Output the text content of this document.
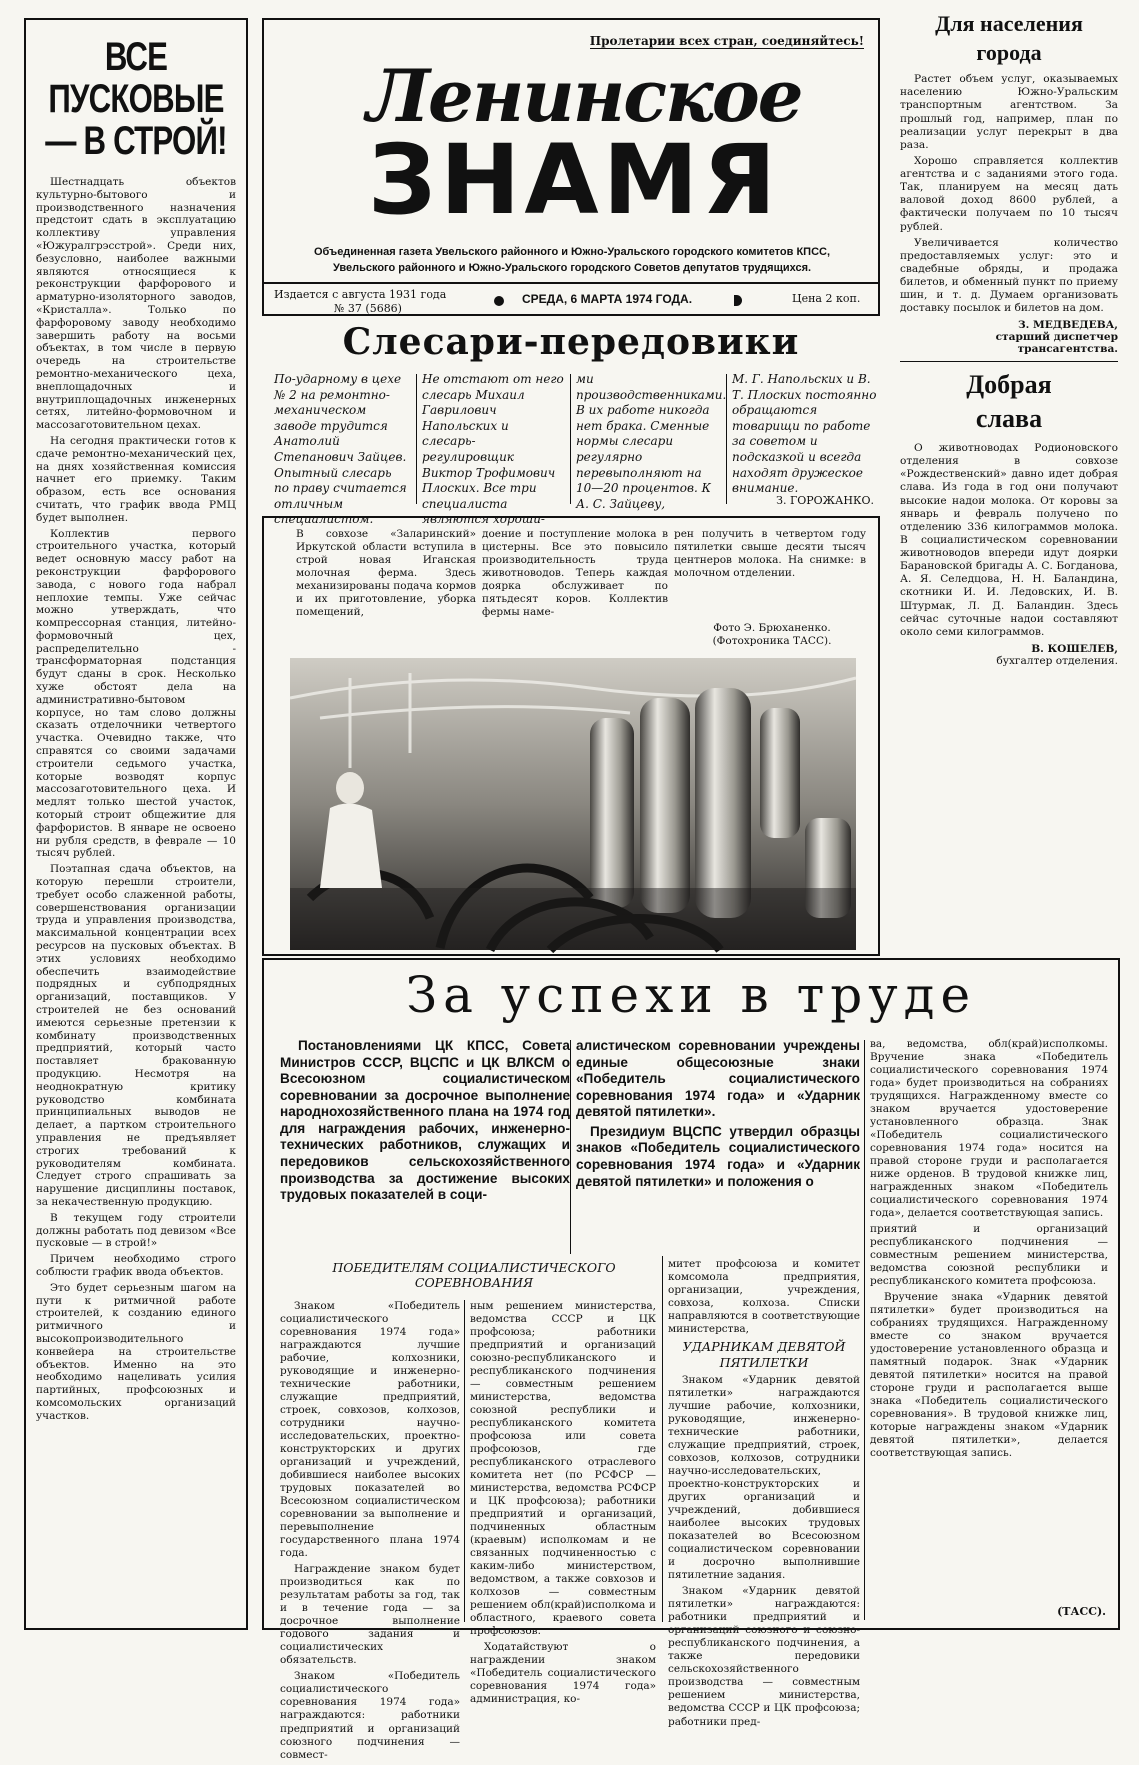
ВСЕ ПУСКОВЫЕ — В СТРОЙ!

Шестнадцать объектов культурно-бытового и производственного назначения предстоит сдать в эксплуатацию коллективу управления «Южуралгрэсстрой». Среди них, безусловно, наиболее важными являются относящиеся к реконструкции фарфорового и арматурно-изоляторного заводов, «Кристалла». Только по фарфоровому заводу необходимо завершить работу на восьми объектах, в том числе в первую очередь на строительстве ремонтно-механического цеха, внеплощадочных и внутриплощадочных инженерных сетях, литейно-формовочном и массозаготовительном цехах.

На сегодня практически готов к сдаче ремонтно-механический цех, на днях хозяйственная комиссия начнет его приемку. Таким образом, есть все основания считать, что график ввода РМЦ будет выполнен.

Коллектив первого строительного участка, который ведет основную массу работ на реконструкции фарфорового завода, с нового года набрал неплохие темпы. Уже сейчас можно утверждать, что компрессорная станция, литейно-формовочный цех, распределительно - трансформаторная подстанция будут сданы в срок. Несколько хуже обстоят дела на административно-бытовом корпусе, но там слово должны сказать отделочники четвертого участка. Очевидно также, что справятся со своими задачами строители седьмого участка, которые возводят корпус массозаготовительного цеха. И медлят только шестой участок, который строит общежитие для фарфористов. В январе не освоено ни рубля средств, в феврале — 10 тысяч рублей.

Поэтапная сдача объектов, на которую перешли строители, требует особо слаженной работы, совершенствования организации труда и управления производства, максимальной концентрации всех ресурсов на пусковых объектах. В этих условиях необходимо обеспечить взаимодействие подрядных и субподрядных организаций, поставщиков. У строителей не без оснований имеются серьезные претензии к комбинату производственных предприятий, который часто поставляет бракованную продукцию. Несмотря на неоднократную критику руководство комбината принципиальных выводов не делает, а партком строительного управления не предъявляет строгих требований к руководителям комбината. Следует строго спрашивать за нарушение дисциплины поставок, за некачественную продукцию.

В текущем году строители должны работать под девизом «Все пусковые — в строй!»

Причем необходимо строго соблюсти график ввода объектов.

Это будет серьезным шагом на пути к ритмичной работе строителей, к созданию единого ритмичного и высокопроизводительного конвейера на строительстве объектов. Именно на это необходимо нацеливать усилия партийных, профсоюзных и комсомольских организаций участков.

Пролетарии всех стран, соединяйтесь!
Ленинское
ЗНАМЯ
Объединенная газета Увельского районного и Южно-Уральского городского комитетов КПСС,
Увельского районного и Южно-Уральского городского Советов депутатов трудящихся.
Издается с августа 1931 года
№ 37 (5686)
СРЕДА, 6 МАРТА 1974 ГОДА.	Цена 2 коп.
Слесари-передовики
По-ударному в цехе № 2 на ремонтно-механическом заводе трудится Анатолий Степанович Зайцев. Опытный слесарь по праву считается отличным специалистом.
Не отстают от него слесарь Михаил Гаврилович Напольских и слесарь-регулировщик Виктор Трофимович Плоских. Все три специалиста являются хороши-
ми производственниками. В их работе никогда нет брака. Сменные нормы слесари регулярно перевыполняют на 10—20 процентов. К А. С. Зайцеву,
М. Г. Напольских и В. Т. Плоских постоянно обращаются товарищи по работе за советом и подсказкой и всегда находят дружеское внимание.
З. ГОРОЖАНКО.
В совхозе «Заларинский» Иркутской области вступила в строй новая Иганская молочная ферма. Здесь механизированы подача кормов и их приготовление, уборка помещений,
доение и поступление молока в цистерны. Все это повысило производительность труда животноводов. Теперь каждая доярка обслуживает по пятьдесят коров. Коллектив фермы наме-
рен получить в четвертом году пятилетки свыше десяти тысяч центнеров молока. На снимке: в молочном отделении.
Фото Э. Брюханенко.
(Фотохроника ТАСС).
Для населения города

Растет объем услуг, оказываемых населению Южно-Уральским транспортным агентством. За прошлый год, например, план по реализации услуг перекрыт в два раза.

Хорошо справляется коллектив агентства и с заданиями этого года. Так, планируем на месяц дать валовой доход 8600 рублей, а фактически получаем по 10 тысяч рублей.

Увеличивается количество предоставляемых услуг: это и свадебные обряды, и продажа билетов, и обменный пункт по приему шин, и т. д. Думаем организовать доставку посылок и билетов на дом.

З. МЕДВЕДЕВА,
старший диспетчер трансагентства.
Добрая слава

О животноводах Родионовского отделения в совхозе «Рождественский» давно идет добрая слава. Из года в год они получают высокие надои молока. От коровы за январь и февраль получено по отделению 336 килограммов молока. В социалистическом соревновании животноводов впереди идут доярки Барановской бригады А. С. Богданова, А. Я. Селедцова, Н. Н. Баландина, скотники И. И. Ледовских, И. В. Штурмак, Л. Д. Баландин. Здесь сейчас суточные надои составляют около семи килограммов.

В. КОШЕЛЕВ,
бухгалтер отделения.
За успехи в труде
Постановлениями ЦК КПСС, Совета Министров СССР, ВЦСПС и ЦК ВЛКСМ о Всесоюзном социалистическом соревновании за досрочное выполнение народнохозяйственного плана на 1974 год для награждения рабочих, инженерно-технических работников, служащих и передовиков сельскохозяйственного производства за достижение высоких трудовых показателей в соци-

алистическом соревновании учреждены единые общесоюзные знаки «Победитель социалистического соревнования 1974 года» и «Ударник девятой пятилетки».

Президиум ВЦСПС утвердил образцы знаков «Победитель социалистического соревнования 1974 года» и «Ударник девятой пятилетки» и положения о

ПОБЕДИТЕЛЯМ СОЦИАЛИСТИЧЕСКОГО СОРЕВНОВАНИЯ

Знаком «Победитель социалистического соревнования 1974 года» награждаются лучшие рабочие, колхозники, руководящие и инженерно-технические работники, служащие предприятий, строек, совхозов, колхозов, сотрудники научно-исследовательских, проектно-конструкторских и других организаций и учреждений, добившиеся наиболее высоких трудовых показателей во Всесоюзном социалистическом соревновании за выполнение и перевыполнение государственного плана 1974 года.

Награждение знаком будет производиться как по результатам работы за год, так и в течение года — за досрочное выполнение годового задания и социалистических обязательств.

Знаком «Победитель социалистического соревнования 1974 года» награждаются: работники предприятий и организаций союзного подчинения — совмест-

ным решением министерства, ведомства СССР и ЦК профсоюза; работники предприятий и организаций союзно-республиканского и республиканского подчинения — совместным решением министерства, ведомства союзной республики и республиканского комитета профсоюза или совета профсоюзов, где республиканского отраслевого комитета нет (по РСФСР — министерства, ведомства РСФСР и ЦК профсоюза); работники предприятий и организаций, подчиненных областным (краевым) исполкомам и не связанных подчиненностью с каким-либо министерством, ведомством, а также совхозов и колхозов — совместным решением обл(край)исполкома и областного, краевого совета профсоюзов.

Ходатайствуют о награждении знаком «Победитель социалистического соревнования 1974 года» администрация, ко-

митет профсоюза и комитет комсомола предприятия, организации, учреждения, совхоза, колхоза. Списки направляются в соответствующие министерства,

УДАРНИКАМ ДЕВЯТОЙ ПЯТИЛЕТКИ

Знаком «Ударник девятой пятилетки» награждаются лучшие рабочие, колхозники, руководящие, инженерно-технические работники, служащие предприятий, строек, совхозов, колхозов, сотрудники научно-исследовательских, проектно-конструкторских и других организаций и учреждений, добившиеся наиболее высоких трудовых показателей во Всесоюзном социалистическом соревновании и досрочно выполнившие пятилетние задания.

Знаком «Ударник девятой пятилетки» награждаются: работники предприятий и организаций союзного и союзно-республиканского подчинения, а также передовики сельскохозяйственного производства — совместным решением министерства, ведомства СССР и ЦК профсоюза; работники пред-

ва, ведомства, обл(край)исполкомы. Вручение знака «Победитель социалистического соревнования 1974 года» будет производиться на собраниях трудящихся. Награжденному вместе со знаком вручается удостоверение установленного образца. Знак «Победитель социалистического соревнования 1974 года» носится на правой стороне груди и располагается ниже орденов. В трудовой книжке лиц, награжденных знаком «Победитель социалистического соревнования 1974 года», делается соответствующая запись.

приятий и организаций республиканского подчинения — совместным решением министерства, ведомства союзной республики и республиканского комитета профсоюза.

Вручение знака «Ударник девятой пятилетки» будет производиться на собраниях трудящихся. Награжденному вместе со знаком вручается удостоверение установленного образца и памятный подарок. Знак «Ударник девятой пятилетки» носится на правой стороне груди и располагается выше знака «Победитель социалистического соревнования». В трудовой книжке лиц, которые награждены знаком «Ударник девятой пятилетки», делается соответствующая запись.

(ТАСС).
